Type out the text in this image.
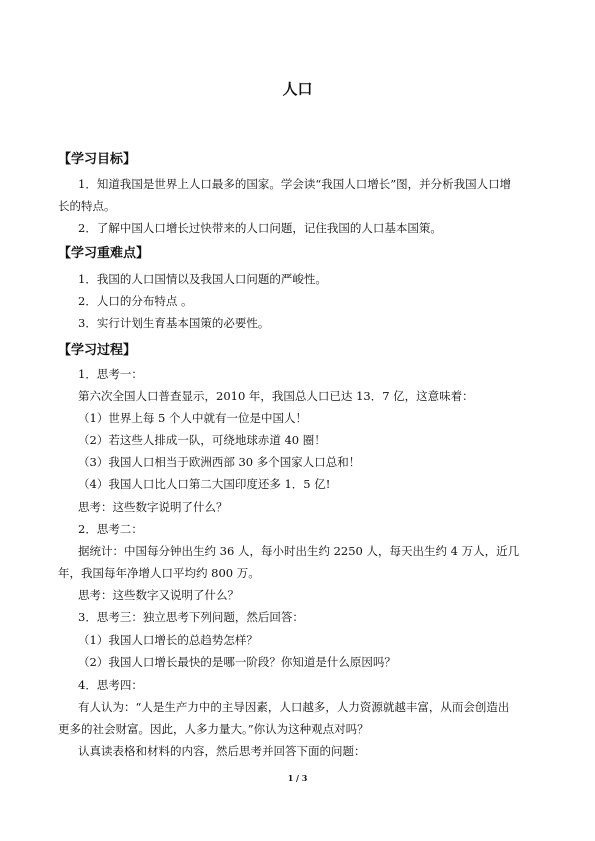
人口
【学习目标】
1．知道我国是世界上人口最多的国家。学会读“我国人口增长”图，并分析我国人口增
长的特点。
2．了解中国人口增长过快带来的人口问题，记住我国的人口基本国策。
【学习重难点】
1．我国的人口国情以及我国人口问题的严峻性。
2．人口的分布特点 。
3．实行计划生育基本国策的必要性。
【学习过程】
1．思考一：
第六次全国人口普查显示，2010 年，我国总人口已达 13．7 亿，这意味着：
（1）世界上每 5 个人中就有一位是中国人！
（2）若这些人排成一队，可绕地球赤道 40 圈！
（3）我国人口相当于欧洲西部 30 多个国家人口总和！
（4）我国人口比人口第二大国印度还多 1．5 亿!
思考：这些数字说明了什么？
2．思考二：
据统计：中国每分钟出生约 36 人，每小时出生约 2250 人，每天出生约 4 万人，近几
年，我国每年净增人口平均约 800 万。
思考：这些数字又说明了什么？
3．思考三：独立思考下列问题，然后回答：
（1）我国人口增长的总趋势怎样？
（2）我国人口增长最快的是哪一阶段？你知道是什么原因吗？
4．思考四：
有人认为：“人是生产力中的主导因素，人口越多，人力资源就越丰富，从而会创造出
更多的社会财富。因此，人多力量大。”你认为这种观点对吗？
认真读表格和材料的内容，然后思考并回答下面的问题：
1 / 3
